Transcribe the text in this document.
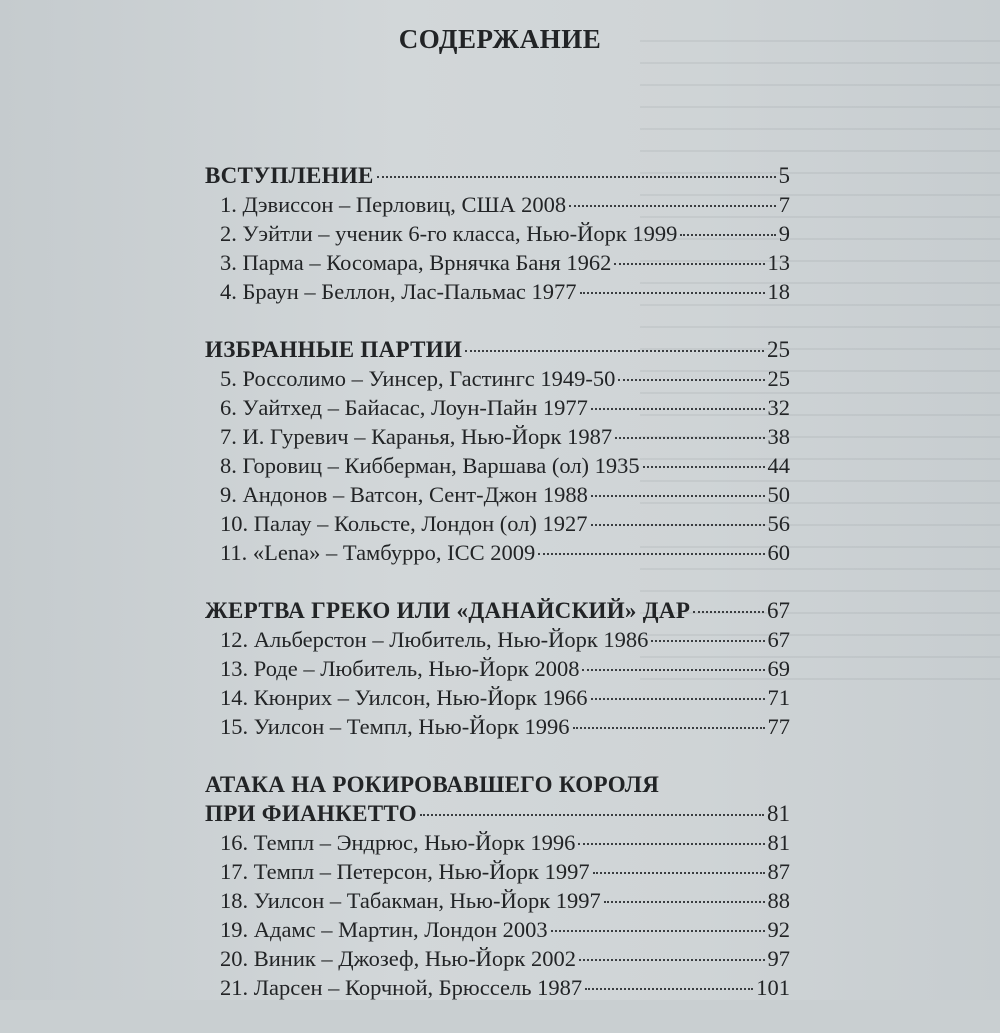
СОДЕРЖАНИЕ
ВСТУПЛЕНИЕ	5
1. Дэвиссон – Перловиц, США 2008	7
2. Уэйтли – ученик 6-го класса, Нью-Йорк 1999	9
3. Парма – Косомара, Врнячка Баня 1962	13
4. Браун – Беллон, Лас-Пальмас 1977	18
ИЗБРАННЫЕ ПАРТИИ	25
5. Россолимо – Уинсер, Гастингс 1949-50	25
6. Уайтхед – Байасас, Лоун-Пайн 1977	32
7. И. Гуревич – Каранья, Нью-Йорк 1987	38
8. Горовиц – Кибберман, Варшава (ол) 1935	44
9. Андонов – Ватсон, Сент-Джон 1988	50
10. Палау – Кольсте, Лондон (ол) 1927	56
11. «Lena» – Тамбурро, ICC 2009	60
ЖЕРТВА ГРЕКО ИЛИ «ДАНАЙСКИЙ» ДАР	67
12. Альберстон – Любитель, Нью-Йорк 1986	67
13. Роде – Любитель, Нью-Йорк 2008	69
14. Кюнрих – Уилсон, Нью-Йорк 1966	71
15. Уилсон – Темпл, Нью-Йорк 1996	77
АТАКА НА РОКИРОВАВШЕГО КОРОЛЯ
ПРИ ФИАНКЕТТО	81
16. Темпл – Эндрюс, Нью-Йорк 1996	81
17. Темпл – Петерсон, Нью-Йорк 1997	87
18. Уилсон – Табакман, Нью-Йорк 1997	88
19. Адамс – Мартин, Лондон 2003	92
20. Виник – Джозеф, Нью-Йорк 2002	97
21. Ларсен – Корчной, Брюссель 1987	101
